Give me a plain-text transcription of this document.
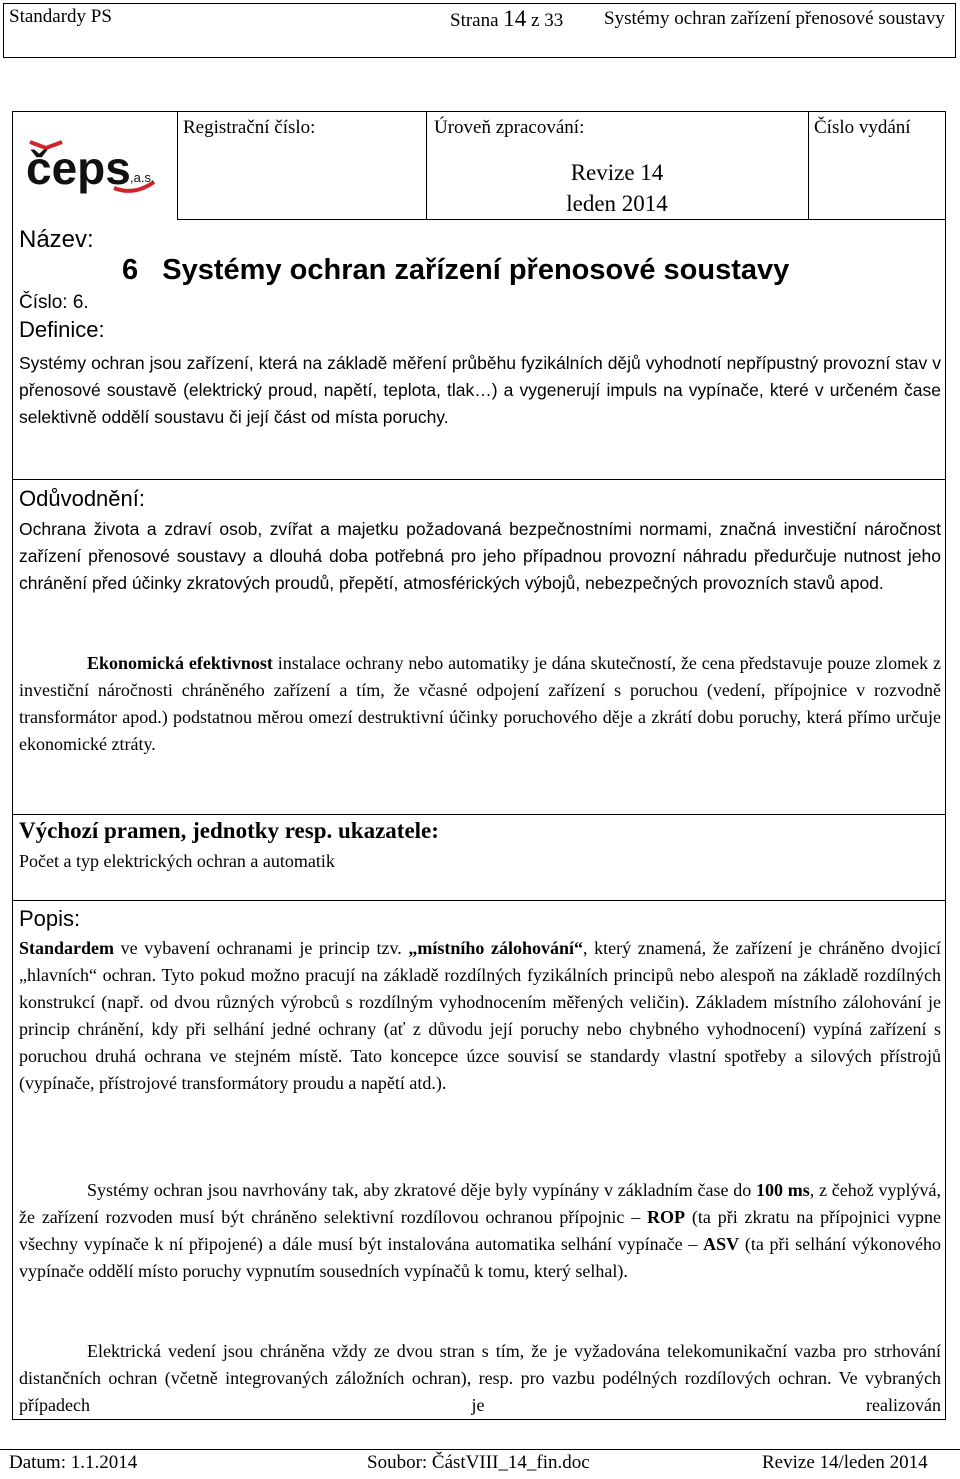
Standardy PS	Strana 14 z 33 Systémy ochran zařízení přenosové soustavy
čeps ,a.s.
Registrační číslo:	Úroveň zpracování:	Číslo vydání
Revize 14
leden 2014
Název:
6   Systémy ochran zařízení přenosové soustavy
Číslo: 6.
Definice:
Systémy ochran jsou zařízení, která na základě měření průběhu fyzikálních dějů vyhodnotí nepřípustný provozní stav v přenosové soustavě (elektrický proud, napětí, teplota, tlak…) a vygenerují impuls na vypínače, které v určeném čase selektivně oddělí soustavu či její část od místa poruchy.
Odůvodnění:
Ochrana života a zdraví osob, zvířat a majetku požadovaná bezpečnostními normami, značná investiční náročnost zařízení přenosové soustavy a dlouhá doba potřebná pro jeho případnou provozní náhradu předurčuje nutnost jeho chránění před účinky zkratových proudů, přepětí, atmosférických výbojů, nebezpečných provozních stavů apod.
Ekonomická efektivnost instalace ochrany nebo automatiky je dána skutečností, že cena představuje pouze zlomek z investiční náročnosti chráněného zařízení a tím, že včasné odpojení zařízení s poruchou (vedení, přípojnice v rozvodně transformátor apod.) podstatnou měrou omezí destruktivní účinky poruchového děje a zkrátí dobu poruchy, která přímo určuje ekonomické ztráty.
Výchozí pramen, jednotky resp. ukazatele:
Počet a typ elektrických ochran a automatik
Popis:
Standardem ve vybavení ochranami je princip tzv. „místního zálohování“, který znamená, že zařízení je chráněno dvojicí „hlavních“ ochran. Tyto pokud možno pracují na základě rozdílných fyzikálních principů nebo alespoň na základě rozdílných konstrukcí (např. od dvou různých výrobců s rozdílným vyhodnocením měřených veličin). Základem místního zálohování je princip chránění, kdy při selhání jedné ochrany (ať z důvodu její poruchy nebo chybného vyhodnocení) vypíná zařízení s poruchou druhá ochrana ve stejném místě. Tato koncepce úzce souvisí se standardy vlastní spotřeby a silových přístrojů (vypínače, přístrojové transformátory proudu a napětí atd.).
Systémy ochran jsou navrhovány tak, aby zkratové děje byly vypínány v základním čase do 100 ms, z čehož vyplývá, že zařízení rozvoden musí být chráněno selektivní rozdílovou ochranou přípojnic – ROP (ta při zkratu na přípojnici vypne všechny vypínače k ní připojené) a dále musí být instalována automatika selhání vypínače – ASV (ta při selhání výkonového vypínače oddělí místo poruchy vypnutím sousedních vypínačů k tomu, který selhal).
Elektrická vedení jsou chráněna vždy ze dvou stran s tím, že je vyžadována telekomunikační vazba pro strhování distančních ochran (včetně integrovaných záložních ochran), resp. pro vazbu podélných rozdílových ochran. Ve vybraných případech je realizován
Datum: 1.1.2014	Soubor: ČástVIII_14_fin.doc	Revize 14/leden 2014
